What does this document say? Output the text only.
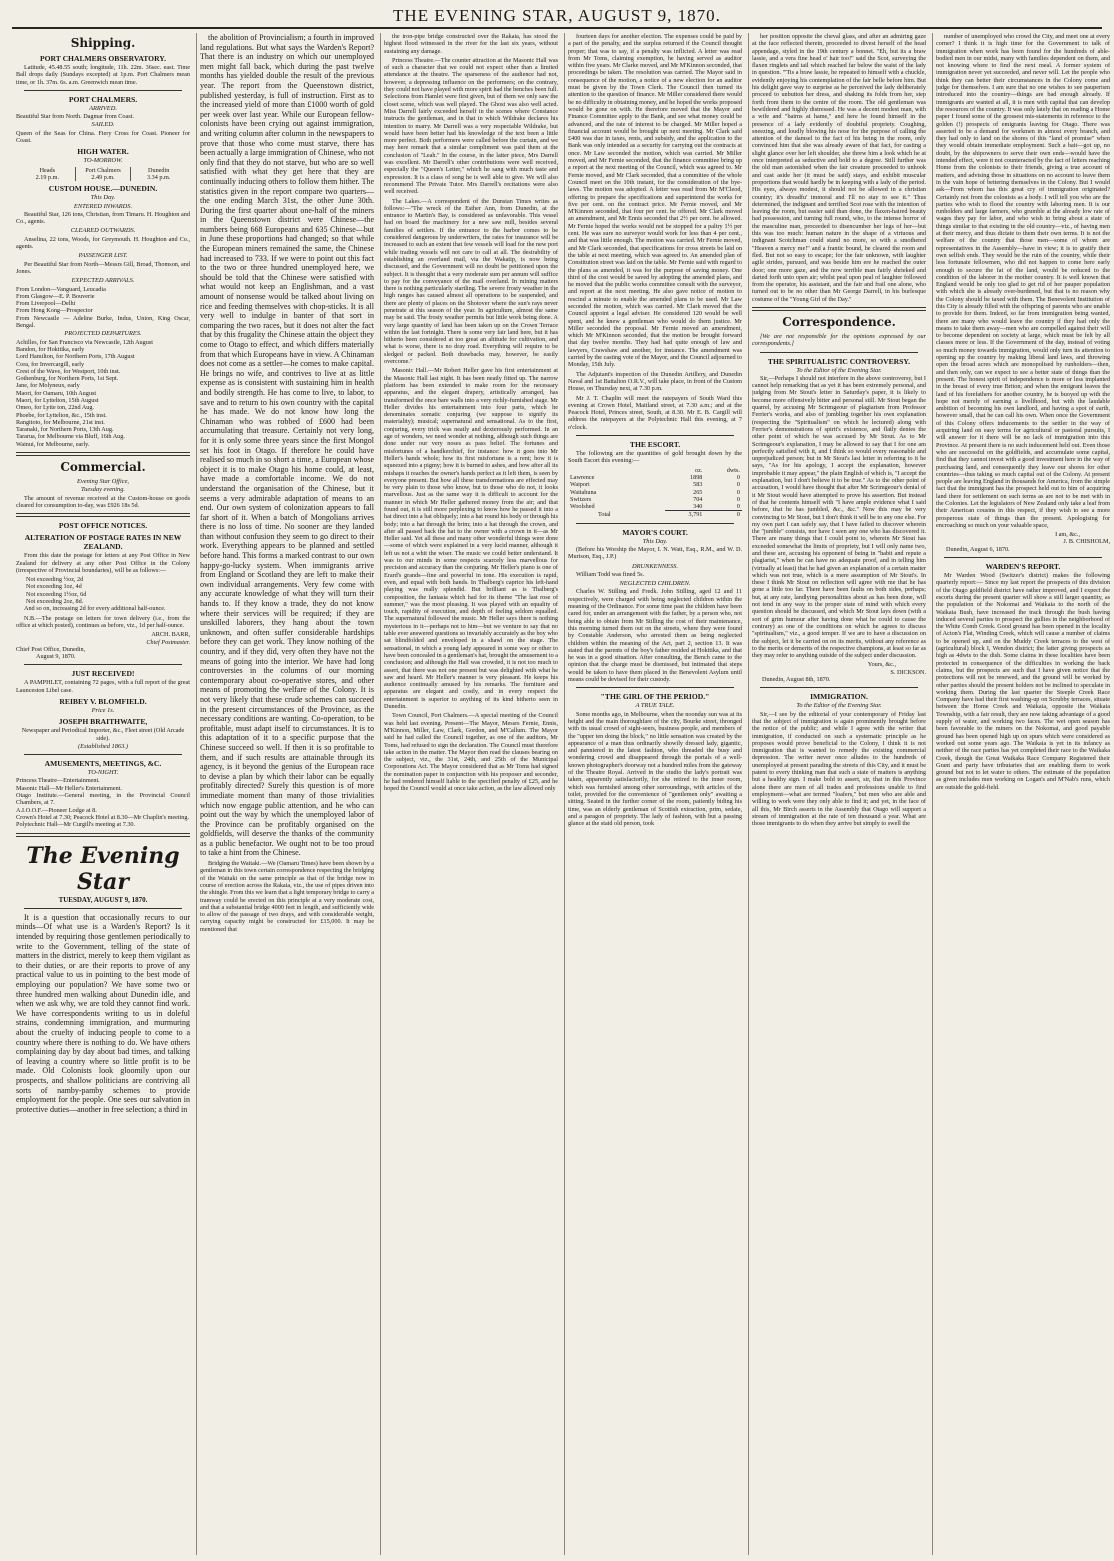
THE EVENING STAR, AUGUST 9, 1870.
Shipping.
PORT CHALMERS OBSERVATORY.

Latitude, 45.48.55 south; longitude, 11h. 22m. 36sec. east. Time Ball drops daily (Sundays excepted) at 1p.m. Port Chalmers mean time, or 1h. 37m. 6s. a.m. Greenwich mean time.

PORT CHALMERS.
ARRIVED.

Beautiful Star from North. Dagmar from Coast.

SAILED.

Queen of the Seas for China. Fiery Cross for Coast. Pioneer for Coast.

HIGH WATER.
TO-MORROW.
Heads
2.19 p.m.
Port Chalmers
2.49 p.m.
Dunedin
3.34 p.m.
CUSTOM HOUSE.—DUNEDIN.
This Day.
ENTERED INWARDS.

Beautiful Star, 126 tons, Christian, from Timaru. H. Houghton and Co., agents.

CLEARED OUTWARDS.

Anselina, 22 tons, Woods, for Greymouth. H. Houghton and Co., agents.

PASSENGER LIST.

Per Beautiful Star from North—Messrs Gill, Broad, Thomson, and Jones.

EXPECTED ARRIVALS.

From London—Vanguard, Leucadia

From Glasgow—E. P. Bouverie

From Liverpool—Delhi

From Hong Kong—Prospector

From Newcastle — Adeline Burke, Indus, Union, King Oscar, Bengal.

PROJECTED DEPARTURES.

Achilles, for San Francisco via Newcastle, 12th August

Bandon, for Hokitika, early

Lord Hamilton, for Northern Ports, 17th August

Cora, for Invercargill, early

Crest of the Wave, for Westport, 10th inst.

Gothenburg, for Northern Ports, 1st Sept.

Jane, for Molyneux, early

Maori, for Oamaru, 10th August

Maori, for Lyttelton, 15th August

Omeo, for Lytte ton, 22nd Aug.

Phoebe, for Lyttelton, &c., 15th inst.

Rangitoto, for Melbourne, 21st inst.

Taranaki, for Northern Ports, 13th Aug.

Tararua, for Melbourne via Bluff, 16th Aug.

Wainui, for Melbourne, early.

Commercial.
Evening Star Office,
Tuesday evening.

The amount of revenue received at the Custom-house on goods cleared for consumption to-day, was £926 18s 5d.

POST OFFICE NOTICES.
ALTERATION OF POSTAGE RATES IN NEW ZEALAND.

From this date the postage for letters at any Post Office in New Zealand for delivery at any other Post Office in the Colony (irrespective of Provincial boundaries), will be as follows:—

Not exceeding ½oz, 2d

Not exceeding 1oz, 4d

Not exceeding 1½oz, 6d

Not exceeding 2oz, 8d.

And so on, increasing 2d for every additional half-ounce.

N.B.—The postage on letters for town delivery (i.e., from the office at which posted), continues as before, viz., 1d per half-ounce.

ARCH. BARR,

Chief Postmaster.

Chief Post Office, Dunedin,

August 9, 1870.

JUST RECEIVED!

A PAMPHLET, containing 72 pages, with a full report of the great Launceston Libel case.

REIBEY V. BLOMFIELD.
Price 1s.
JOSEPH BRAITHWAITE,

Newspaper and Periodical Importer, &c., Fleet street (Old Arcade side).

(Established 1863.)
AMUSEMENTS, MEETINGS, &C.
TO-NIGHT.

Princess Theatre—Entertainment.

Masonic Hall—Mr Heller's Entertainment.

Otago Institute.—General meeting, in the Provincial Council Chambers, at 7.

A.I.O.O.F.—Pioneer Lodge at 8.

Crown's Hotel at 7.30; Peacock Hotel at 8.30—Mr Chaplin's meeting.

Polytechnic Hall—Mr Curgill's meeting at 7.30.

The Evening Star
TUESDAY, AUGUST 9, 1870.

It is a question that occasionally recurs to our minds—Of what use is a Warden's Report? Is it intended by requiring those gentlemen periodically to write to the Government, telling of the state of matters in the district, merely to keep them vigilant as to their duties, or are their reports to prove of any practical value to us in pointing to the best mode of employing our population? We have some two or three hundred men walking about Dunedin idle, and when we ask why, we are told they cannot find work. We have correspondents writing to us in doleful strains, condemning immigration, and murmuring about the cruelty of inducing people to come to a country where there is nothing to do. We have others complaining day by day about bad times, and talking of leaving a country where so little profit is to be made. Old Colonists look gloomily upon our prospects, and shallow politicians are contriving all sorts of namby-pamby schemes to provide employment for the people. One sees our salvation in protective duties—another in free selection; a third in

the abolition of Provincialism; a fourth in improved land regulations. But what says the Warden's Report? That there is an industry on which our unemployed men might fall back, which during the past twelve months has yielded double the result of the previous year. The report from the Queenstown district, published yesterday, is full of instruction. First as to the increased yield of more than £1000 worth of gold per week over last year. While our European fellow-colonists have been crying out against immigration, and writing column after column in the newspapers to prove that those who come must starve, there has been actually a large immigration of Chinese, who not only find that they do not starve, but who are so well satisfied with what they get here that they are continually inducing others to follow them hither. The statistics given in the report compare two quarters—the one ending March 31st, the other June 30th. During the first quarter about one-half of the miners in the Queenstown district were Chinese—the numbers being 668 Europeans and 635 Chinese—but in June these proportions had changed; so that while the European miners remained the same, the Chinese had increased to 733. If we were to point out this fact to the two or three hundred unemployed here, we should be told that the Chinese were satisfied with what would not keep an Englishman, and a vast amount of nonsense would be talked about living on rice and feeding themselves with chop-sticks. It is all very well to indulge in banter of that sort in comparing the two races, but it does not alter the fact that by this frugality the Chinese attain the object they come to Otago to effect, and which differs materially from that which Europeans have in view. A Chinaman does not come as a settler—he comes to make capital. He brings no wife, and contrives to live at as little expense as is consistent with sustaining him in health and bodily strength. He has come to live, to labor, to save and to return to his own country with the capital he has made. We do not know how long the Chinaman who was robbed of £600 had been accumulating that treasure. Certainly not very long, for it is only some three years since the first Mongol set his foot in Otago. If therefore he could have realised so much in so short a time, a European whose object it is to make Otago his home could, at least, have made a comfortable income. We do not understand the organisation of the Chinese, but it seems a very admirable adaptation of means to an end. Our own system of colonization appears to fall far short of it. When a batch of Mongolians arrives there is no loss of time. No sooner are they landed than without confusion they seem to go direct to their work. Everything appears to be planned and settled before hand. This forms a marked contrast to our own happy-go-lucky system. When immigrants arrive from England or Scotland they are left to make their own individual arrangements. Very few come with any accurate knowledge of what they will turn their hands to. If they know a trade, they do not know where their services will be required; if they are unskilled laborers, they hang about the town unknown, and often suffer considerable hardships before they can get work. They know nothing of the country, and if they did, very often they have not the means of going into the interior. We have had long controversies in the columns of our morning contemporary about co-operative stores, and other means of promoting the welfare of the Colony. It is not very likely that these crude schemes can succeed in the present circumstances of the Province, as the necessary conditions are wanting. Co-operation, to be profitable, must adapt itself to circumstances. It is to this adaptation of it to a specific purpose that the Chinese succeed so well. If then it is so profitable to them, and if such results are attainable through its agency, is it beyond the genius of the European race to devise a plan by which their labor can be equally profitably directed? Surely this question is of more immediate moment than many of those trivialities which now engage public attention, and he who can point out the way by which the unemployed labor of the Province can be profitably organised on the goldfields, will deserve the thanks of the community as a public benefactor. We ought not to be too proud to take a hint from the Chinese.

Bridging the Waitaki.—We (Oamaru Times) have been shown by a gentleman in this town certain correspondence respecting the bridging of the Waitaki on the same principle as that of the bridge now in course of erection across the Rakaia, viz., the use of pipes driven into the shingle. From this we learn that a light temporary bridge to carry a tramway could be erected on this principle at a very moderate cost, and that a substantial bridge 4000 feet in length, and sufficiently wide to allow of the passage of two drays, and with considerable weight, carrying capacity might be constructed for £15,000. It may be mentioned that

the iron-pipe bridge constructed over the Rakaia, has stood the highest flood witnessed in the river for the last six years, without sustaining any damage.

Princess Theatre.—The counter attraction at the Masonic Hall was of such a character that we could not expect other than a limited attendance at the theatre. The sparseness of the audience had not, however, a depressing influence on the performers; on the contrary, they could not have played with more spirit had the benches been full. Selections from Hamlet were first given, but of them we only saw the closet scene, which was well played. The Ghost was also well acted. Miss Darrell fairly exceeded herself in the scenes where Constance instructs the gentleman, and in that in which Wildrake declares his intention to marry. Mr Darrell was a very respectable Wildrake, but would have been better had his knowledge of the text been a little more perfect. Both performers were called before the curtain, and we may here remark that a similar compliment was paid them at the conclusion of "Leah." In the course, in the latter piece, Mrs Darrell was excellent. Mr Darrell's other contributions were well received, especially the "Queen's Letter," which he sang with much taste and expression. It is a class of song he is well able to give. We will also recommend The Private Tutor. Mrs Darrell's recitations were also well received.

The Lakes.—A correspondent of the Dunstan Times writes as follows:—"The wreck of the Esther Ann, from Dunedin, at the entrance to Martin's Bay, is considered as unfavorable. This vessel had on board the machinery for a new saw mill, besides several families of settlers. If the entrance to the harbor comes to be considered dangerous by underwriters, the rates for insurance will be increased to such an extent that few vessels will load for the new port while trading vessels will not care to call at all. The desirability of establishing an overland mail, via the Wakatip, is now being discussed, and the Government will no doubt be petitioned upon the subject. It is thought that a very moderate sum per annum will suffice to pay for the conveyance of the mail overland. In mining matters there is nothing particularly startling. The severe frosty weather in the high ranges has caused almost all operations to be suspended, and there are plenty of places on the Shotover where the sun's rays never penetrate at this season of the year. In agriculture, almost the same may be said. The frosty weather permits but little work being done. A very large quantity of land has been taken up on the Crown Terrace within the last fortnight. There is some very fair land here, but it has hitherto been considered at too great an altitude for cultivation, and what is worse, there is no dray road. Everything will require to be sledged or packed. Both drawbacks may, however, be easily overcome."

Masonic Hall.—Mr Robert Heller gave his first entertainment at the Masonic Hall last night. It has been neatly fitted up. The narrow platform has been extended to make room for the necessary apparatus, and the elegant drapery, artistically arranged, has transformed the once bare walls into a very richly-furnished stage. Mr Heller divides his entertainment into four parts, which he denominates somatic conjuring (we suppose to signify its materiality); musical; supernatural and sensational. As to the first, conjuring, every trick was neatly and dexterously performed. In an age of wonders, we need wonder at nothing, although such things are done under our very noses as pass belief. The fortunes and misfortunes of a handkerchief, for instance: how it goes into Mr Heller's hands whole; how its first misfortune is a rent; how it is squeezed into a pigmy; how it is burned to ashes, and how after all its mishaps it reaches the owner's hands perfect as it left them, is seen by everyone present. But how all these transformations are effected may be very plain to those who know, but to those who do not, it looks marvellous. Just as the same way it is difficult to account for the manner in which Mr Heller gathered money from the air; and that found out, it is still more perplexing to know how he passed it into a hat direct into a hat obliquely; into a hat round his body or through his body; into a hat through the brim; into a hat through the crown, and after all passed back the hat to the owner with a crown in it—as Mr Heller said. Yet all these and many other wonderful things were done—some of which were explained in a very lucid manner, although it left us not a whit the wiser. The music we could better understand. It was to our minds in some respects scarcely less marvellous for precision and accuracy than the conjuring. Mr Heller's piano is one of Erard's grands—fine and powerful in tone. His execution is rapid, even, and equal with both hands. In Thalberg's caprice his left-hand playing was really splendid. But brilliant as is Thalberg's composition, the fantasia which had for its theme "The last rose of summer," was the most pleasing. It was played with an equality of touch, rapidity of execution, and depth of feeling seldom equalled. The supernatural followed the music. Mr Heller says there is nothing mysterious in it—perhaps not to him—but we venture to say that no table ever answered questions so invariably accurately as the boy who sat blindfolded and enveloped in a shawl on the stage. The sensational, in which a young lady appeared in some way or other to have been concealed in a gentleman's hat, brought the amusement to a conclusion; and although the Hall was crowded, it is not too much to assert, that there was not one present but was delighted with what he saw and heard. Mr Heller's manner is very pleasant. He keeps his audience continually amused by his remarks. The furniture and apparatus are elegant and costly, and in every respect the entertainment is superior to anything of its kind hitherto seen in Dunedin.

Town Council, Port Chalmers.—A special meeting of the Council was held last evening. Present—The Mayor, Messrs Fernie, Ennis, M'Kinnon, Miller, Law, Clark, Gordon, and M'Callum. The Mayor said he had called the Council together, as one of the auditors, Mr Toms, had refused to sign the declaration. The Council must therefore take action in the matter. The Mayor then read the clauses bearing on the subject, viz., the 31st, 24th, and 25th of the Municipal Corporations Act. The Mayor considered that as Mr Toms had signed the nomination paper in conjunction with his proposer and seconder, he had rendered himself liable to the specified penalty of £25, and he hoped the Council would at once take action, as the law allowed only

fourteen days for another election. The expenses could be paid by a part of the penalty, and the surplus returned if the Council thought proper; that was to say, if a penalty was inflicted. A letter was read from Mr Toms, claiming exemption, he having served as auditor within five years. Mr Clarke moved, and Mr M'Kinnon seconded, that proceedings be taken. The resolution was carried. The Mayor said in consequence of the motion, a notice of a new election for an auditor must be given by the Town Clerk. The Council then turned its attention to the question of finance. Mr Miller considered there would be no difficulty in obtaining money, and he hoped the works proposed would be gone on with. He therefore moved that the Mayor and Finance Committee apply to the Bank, and see what money could be advanced, and the rate of interest to be charged. Mr Miller hoped a financial account would be brought up next meeting. Mr Clark said £400 was due in taxes, rents, and subsidy, and the application to the Bank was only intended as a security for carrying out the contracts at once. Mr Law seconded the motion, which was carried. Mr Miller moved, and Mr Fernie seconded, that the finance committee bring up a report at the next meeting of the Council, which was agreed to. Mr Fernie moved, and Mr Clark seconded, that a committee of the whole Council meet on the 10th instant, for the consideration of the bye-laws. The motion was adopted. A letter was read from Mr M'Cleod, offering to prepare the specifications and superintend the works for five per cent. on the contract price. Mr Fernie moved, and Mr M'Kinnon seconded, that four per cent. be offered. Mr Clark moved an amendment, and Mr Ennis seconded that 2½ per cent. be allowed. Mr Fernie hoped the works would not be stopped for a paltry 1½ per cent. He was sure no surveyor would work for less than 4 per cent., and that was little enough. The motion was carried. Mr Fernie moved, and Mr Clark seconded, that specifications for cross streets be laid on the table at next meeting, which was agreed to. An amended plan of Constitution street was laid on the table. Mr Fernie said with regard to the plans as amended, it was for the purpose of saving money. One third of the cost would be saved by adopting the amended plans, and he moved that the public works committee consult with the surveyor, and report at the next meeting. He also gave notice of motion to rescind a minute to enable the amended plans to be used. Mr Law seconded the motion, which was carried. Mr Clark moved that the Council appoint a legal adviser. He considered 120 would be well spent, and he knew a gentleman who would do them justice. Mr Miller seconded the proposal. Mr Fernie moved an amendment, which Mr M'Kinnon seconded, that the motion be brought forward that day twelve months. They had had quite enough of law and lawyers, Crawshaw and another, for instance. The amendment was carried by the casting vote of the Mayor, and the Council adjourned to Monday, 15th July.

The Adjutant's inspection of the Dunedin Artillery, and Dunedin Naval and 1st Battalion O.R.V., will take place, in front of the Custom House, on Thursday next, at 7.30 p.m.

Mr J. T. Chaplin will meet the ratepayers of South Ward this evening at Crown Hotel, Maitland street, at 7.30 a.m.; and at the Peacock Hotel, Princes street, South, at 8.30. Mr E. B. Cargill will address the ratepayers at the Polytechnic Hall this evening, at 7 o'clock.

THE ESCORT.

The following are the quantities of gold brought down by the South Escort this evening:—

	oz.	dwts.
Lawrence	1898	0
Waipori	583	0
Waitahuna	265	0
Switzers	704	0
Woolshed	340	0
Total	3,791	0
MAYOR'S COURT.
This Day.

(Before his Worship the Mayor, I. N. Watt, Esq., R.M., and W. D. Murison, Esq., J.P.)

DRUNKENNESS.

William Todd was fined 5s.

NEGLECTED CHILDREN.

Charles W. Stilling and Fredk. John Stilling, aged 12 and 11 respectively, were charged with being neglected children within the meaning of the Ordinance. For some time past the children have been cared for, under an arrangement with the father, by a person who, not being able to obtain from Mr Stilling the cost of their maintenance, this morning turned them out on the streets, where they were found by Constable Anderson, who arrested them as being neglected children within the meaning of the Act, part 2, section 13. It was stated that the parents of the boy's father resided at Hokitika, and that he was in a good situation. After consulting, the Bench came to the opinion that the charge must be dismissed, but intimated that steps would be taken to have them placed in the Benevolent Asylum until means could be devised for their custody.

"THE GIRL OF THE PERIOD."
A TRUE TALE.

Some months ago, in Melbourne, when the noonday sun was at its height and the main thoroughfare of the city, Bourke street, thronged with its usual crowd of sight-seers, business people, and members of the "upper ten doing the block," no little sensation was created by the appearance of a man thus ordinarily showily dressed lady, gigantic, and panniered in the latest fashion, who threaded the busy and wondering crowd and disappeared through the portals of a well-known photographer's doorway not a hundred miles from the gateway of the Theatre Royal. Arrived in the studio the lady's portrait was taken, apparently satisfactorily, for she retired to the inner room, which was furnished among other surroundings, with articles of the toilet, provided for the convenience of "gentlemen only" awaiting a sitting. Seated in the further corner of the room, patiently biding his time, was an elderly gentleman of Scottish extraction, prim, sedate, and a paragon of propriety. The lady of fashion, with but a passing glance at the staid old person, took

her position opposite the cheval glass, and after an admiring gaze at the face reflected therein, proceeded to divest herself of the head appendage, styled in the 19th century a bonnet. "Eh, but its a braw lassie, and a vera fine head o' hair too!" said the Scot, surveying the flaxen ringlets and tail which reached far below the waist of the lady in question. "'Tis a braw lassie, he repeated to himself with a chuckle, evidently enjoying his contemplation of the fair belle before him. But his delight gave way to surprise as he perceived the lady deliberately proceed to unbutton her dress, and shaking its folds from her, step forth from them to the centre of the room. The old gentleman was bewildered and highly distressed. He was a decent modest man, with a wife and "bairns at hame," and here he found himself in the presence of a lady evidently of doubtful propriety. Coughing, sneezing, and loudly blowing his nose for the purpose of calling the attention of the damsel to the fact of his being in the room, only convinced him that she was already aware of that fact, for casting a slight glance over her left shoulder, she threw him a look which he at once interpreted as seductive and bold to a degree. Still further was the old man astonished when the fair creature proceeded to unhook and cast aside her (it must be said) stays, and exhibit muscular proportions that would hardly be in keeping with a lady of the period. His eyes, always modest, it should not be allowed in a christian country; it's dreadfu' immoral and I'll no stay to see it." Thus determined, the indignant and terrified Scot rose with the intention of leaving the room, but easier said than done, the flaxen-haired beauty had possession, and turning full round, who, to the intense horror of the masculine man, proceeded to disencumber her legs of her—but this was too much: human nature in the shape of a virtuous and indignant Scotchman could stand no more, so with a smothered "Heaven a mercy me!" and a frantic bound, he cleared the room and fled. But not so easy to escape; for the fair unknown, with laughter agile strides, pursued, and was beside him ere he reached the outer door; one more gaze, and the now terrible man fairly shrieked and darted forth unto open air; whilst peal upon peal of laughter followed from the operator, his assistant, and the fair and frail one alone, who turned out to be no other than Mr George Darrell, in his burlesque costume of the "Young Girl of the Day."

Correspondence.

[We are not responsible for the opinions expressed by our correspondents.]

THE SPIRITUALISTIC CONTROVERSY.
To the Editor of the Evening Star.

Sir,—Perhaps I should not interfere in the above controversy, but I cannot help remarking that as yet it has been extremely personal, and judging from Mr Stout's letter in Saturday's paper, it is likely to become more offensively bitter and personal still. Mr Stout began the quarrel, by accusing Mr Scrimgeour of plagiarism from Professor Ferrier's works, and also of jumbling together his own explanation (respecting the "Spiritualism" on which he lectured) along with Ferrier's demonstrations of spirit's existence, and flatly denies the other point of which he was accused by Mr Stout. As to Mr Scrimgeour's explanation, I may be allowed to say that I for one am perfectly satisfied with it, and I think so would every reasonable and unprejudiced person; but in Mr Stout's last letter in referring to it he says, "As for his apology, I accept the explanation, however improbable it may appear," the plain English of which is, "I accept the explanation, but I don't believe it to be true." As to the other point of accusation, I would have thought that after Mr Scrimgeour's denial of it Mr Stout would have attempted to prove his assertion. But instead of that he contents himself with "I have ample evidence what I said before, that he has jumbled, &c., &c." Now this may be very convincing to Mr Stout, but I don't think it will be to any one else. For my own part I can safely say, that I have failed to discover wherein the "jumble" consists, nor have I seen any one who has discovered it. There are many things that I could point to, wherein Mr Stout has exceeded somewhat the limits of propriety, but I will only name two, and these are, accusing his opponent of being in "habit and repute a plagiarist," when he can have no adequate proof, and in telling him (virtually at least) that he had given an explanation of a certain matter which was not true, which is a mere assumption of Mr Stout's. In these I think Mr Stout on reflection will agree with me that he has gone a little too far. There have been faults on both sides, perhaps; but, at any rate, landlying personalities about as has been done, will not tend in any way to the proper state of mind with which every question should be discussed, and which Mr Stout lays down (with a sort of grim humour after having done what he could to cause the contrary) as one of the conditions on which he agrees to discuss "spiritualism," viz., a good temper. If we are to have a discussion on the subject, let it be carried on on its merits, without any reference as to the merits or demerits of the respective champions, at least so far as they may refer to anything outside of the subject under discussion.

Yours, &c.,

S. DICKSON.

Dunedin, August 8th, 1870.

IMMIGRATION.
To the Editor of the Evening Star.

Sir,—I see by the editorial of your contemporary of Friday last that the subject of immigration is again prominently brought before the notice of the public; and while I agree with the writer that immigration, if conducted on such a systematic principle as he proposes would prove beneficial to the Colony, I think it is not immigration that is wanted to remedy the existing commercial depression. The writer never once alludes to the hundreds of unemployed at present parading the streets of this City, and it must be patent to every thinking man that such a state of matters is anything but a healthy sign. I make bold to assert, sir, that in this Province alone there are men of all trades and professions unable to find employment—what are termed "loafers," but men who are able and willing to work were they only able to find it; and yet, in the face of all this, Mr Birch asserts in the Assembly that Otago will support a stream of immigration at the rate of ten thousand a year. What are those immigrants to do when they arrive but simply to swell the

number of unemployed who crowd the City, and meet one at every corner? I think it is high time for the Government to talk of immigration when work has been found for the hundreds of able-bodied men in our midst, many with families dependent on them, and not knowing where to find the next meal. A former system of immigration never yet succeeded, and never will. Let the people who think they can better their circumstances in the Colony come and judge for themselves. I am sure that no one wishes to see pauperism introduced into the country—things are bad enough already. If immigrants are wanted at all, it is men with capital that can develop the resources of the country. It was only lately that on reading a Home paper I found some of the grossest mis-statements in reference to the golden (!) prospects of emigrants leaving for Otago. There was asserted to be a demand for workmen in almost every branch, and they had only to land on the shores of this "land of promise" when they would obtain immediate employment. Such a bait—got up, no doubt, by the shipowners to serve their own ends—would have the intended effect, were it not counteracted by the fact of letters reaching Home from the colonists to their friends, giving a true account of matters, and advising those in situations on no account to leave them in the vain hope of bettering themselves in the Colony. But I would ask—From whom has this great cry of immigration originated? Certainly not from the colonists as a body. I will tell you who are the parties who wish to flood the country with laboring men. It is our runholders and large farmers, who grumble at the already low rate of wages they pay for labor, and who wish to bring about a state of things similar to that existing in the old country—viz., of having men at their mercy, and thus dictate to them their own terms. It is not the welfare of the country that those men—some of whom are representatives in the Assembly—have in view; it is to gratify their own selfish ends. They would be the ruin of the country, while their less fortunate fellowmen, who did not happen to come here early enough to secure the fat of the land, would be reduced to the condition of the laborer in the mother country. It is well known that England would be only too glad to get rid of her pauper population with which she is already over-burdened, but that is no reason why the Colony should be taxed with them. The Benevolent Institution of this City is already filled with the offspring of parents who are unable to provide for them. Indeed, so far from immigration being wanted, there are many who would leave the country if they had only the means to take them away—men who are compelled against their will to become dependent on society at large, which must be felt by all classes more or less. If the Government of the day, instead of voting so much money towards immigration, would only turn its attention to opening up the country by making liberal land laws, and throwing open the broad acres which are monopolised by runholders—then, and then only, can we expect to see a better state of things than the present. The honest spirit of independence is more or less implanted in the breast of every true Briton; and when the emigrant leaves the land of his forefathers for another country, he is buoyed up with the hope not merely of earning a livelihood, but with the laudable ambition of becoming his own landlord, and having a spot of earth, however small, that he can call his own. When once the Government of this Colony offers inducements to the settler in the way of acquiring land on easy terms for agricultural or pastoral pursuits, I will answer for it there will be no lack of immigration into this Province. At present there is no such inducement held out. Even those who are successful on the goldfields, and accumulate some capital, find that they cannot invest with a good investment here in the way of purchasing land, and consequently they leave our shores for other countries—thus taking so much capital out of the Colony. At present people are leaving England in thousands for America, from the simple fact that the immigrant has the prospect held out to him of acquiring land there for settlement on such terms as are not to be met with in the Colonies. Let the legislators of New Zealand only take a leaf from their American cousins in this respect, if they wish to see a more prosperous state of things than the present. Apologising for encroaching so much on your valuable space,

I am, &c.,

J. B. CHISHOLM,

Dunedin, August 6, 1870.

WARDEN'S REPORT.

Mr Warden Wood (Switzer's district) makes the following quarterly report:— Since my last report the prospects of this division of the Otago goldfield district have rather improved, and I expect the escorts during the present quarter will show a still larger quantity, as the population of the Nokomai and Waikaia to the north of the Waikaia Bush, have increased the track through the bush having induced several parties to prospect the gullies in the neighborhood of the White Comb Creek. Good ground has been opened in the locality of Acton's Flat, Winding Creek, which will cause a number of claims to be opened up, and on the Muddy Creek terraces to the west of (agricultural) block I, Wendon district; the latter giving prospects as high as 4dwts to the dish. Some claims in these localities have been protected in consequence of the difficulties in working the back claims, but the prospects are such that I have given notice that the protections will not be renewed, and the ground will be worked by other parties should the present holders not be inclined to speculate in working them. During the last quarter the Steeple Creek Race Company have had their first washing-up on Scrubby terraces, situate between the Home Creek and Waikaia, opposite the Waikaia Township, with a fair result, they are now taking advantage of a good supply of water, and working two faces. The wet open season has been favorable to the miners on the Nokomai, and good payable ground has been opened high up on spurs which were considered as worked out some years ago. The Waikaia is yet in its infancy as neither of the race parties has yet completed their race to the Waikaka Creek, though the Great Waikaka Race Company Registered their Grant and party have tributaries that are enabling them to work ground but not to let water to others. The estimate of the population as given includes men working on Logan's and M'Nab's runs, which are outside the gold-field.
